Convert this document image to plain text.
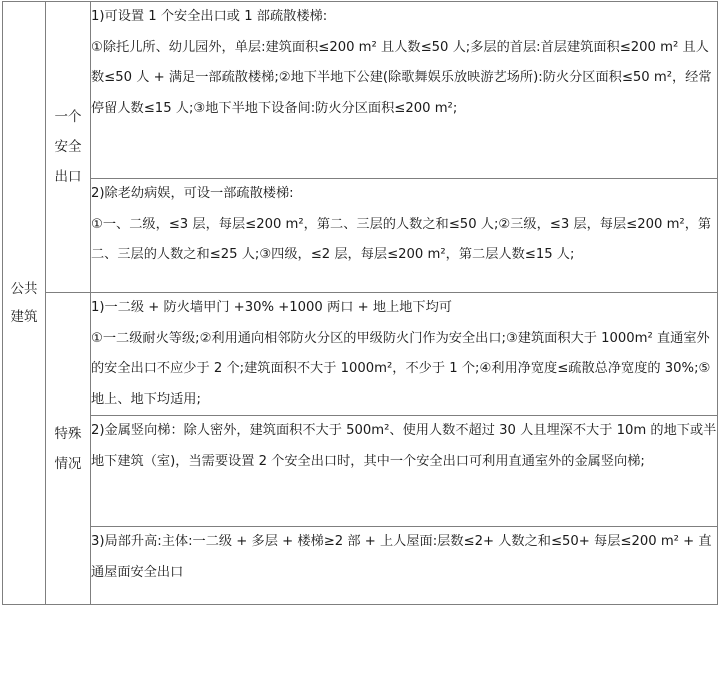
公共
建筑	一个
安全
出口	1)可设置 1 个安全出口或 1 部疏散楼梯:
①除托儿所、幼儿园外，单层:建筑面积≤200 m² 且人数≤50 人;多层的首层:首层建筑面积≤200 m² 且人数≤50 人 + 满足一部疏散楼梯;②地下半地下公建(除歌舞娱乐放映游艺场所):防火分区面积≤50 m²，经常停留人数≤15 人;③地下半地下设备间:防火分区面积≤200 m²;

		2)除老幼病娱，可设一部疏散楼梯:
①一、二级，≤3 层，每层≤200 m²，第二、三层的人数之和≤50 人;②三级，≤3 层，每层≤200 m²，第二、三层的人数之和≤25 人;③四级，≤2 层，每层≤200 m²，第二层人数≤15 人;

	特殊
情况	1)一二级 + 防火墙甲门 +30% +1000 两口 + 地上地下均可
①一二级耐火等级;②利用通向相邻防火分区的甲级防火门作为安全出口;③建筑面积大于 1000m² 直通室外的安全出口不应少于 2 个;建筑面积不大于 1000m²，不少于 1 个;④利用净宽度≤疏散总净宽度的 30%;⑤地上、地下均适用;

		2)金属竖向梯：除人密外，建筑面积不大于 500m²、使用人数不超过 30 人且埋深不大于 10m 的地下或半地下建筑（室)，当需要设置 2 个安全出口时，其中一个安全出口可利用直通室外的金属竖向梯;

		3)局部升高:主体:一二级 + 多层 + 楼梯≥2 部 + 上人屋面:层数≤2+ 人数之和≤50+ 每层≤200 m² + 直通屋面安全出口
